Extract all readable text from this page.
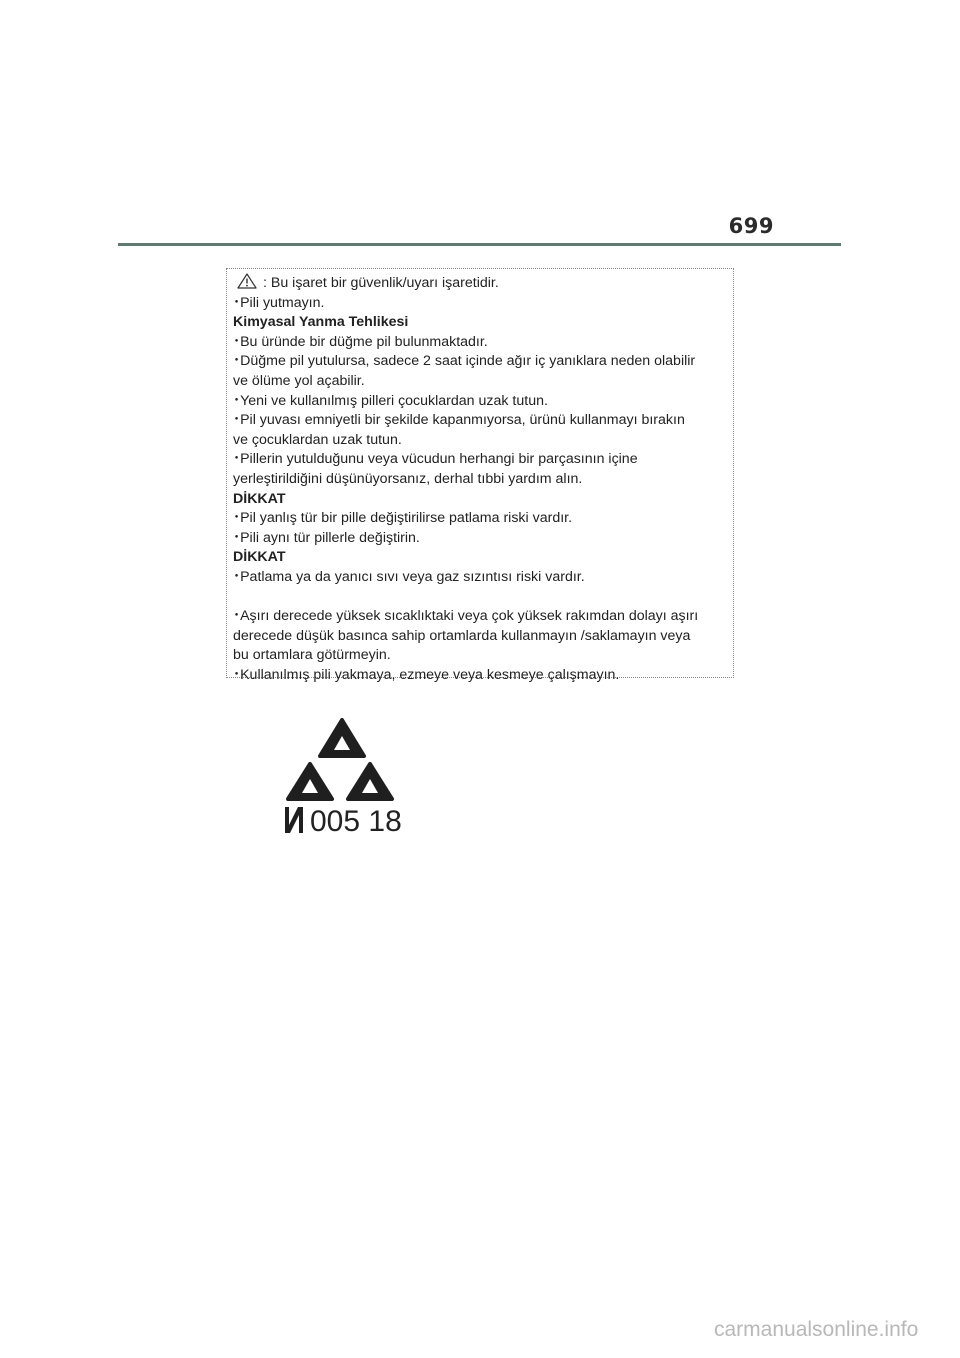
699
: Bu işaret bir güvenlik/uyarı işaretidir.
･Pili yutmayın.
Kimyasal Yanma Tehlikesi
･Bu üründe bir düğme pil bulunmaktadır.
･Düğme pil yutulursa, sadece 2 saat içinde ağır iç yanıklara neden olabilir
ve ölüme yol açabilir.
･Yeni ve kullanılmış pilleri çocuklardan uzak tutun.
･Pil yuvası emniyetli bir şekilde kapanmıyorsa, ürünü kullanmayı bırakın
ve çocuklardan uzak tutun.
･Pillerin yutulduğunu veya vücudun herhangi bir parçasının içine
yerleştirildiğini düşünüyorsanız, derhal tıbbi yardım alın.
DİKKAT
･Pil yanlış tür bir pille değiştirilirse patlama riski vardır.
･Pili aynı tür pillerle değiştirin.
DİKKAT
･Patlama ya da yanıcı sıvı veya gaz sızıntısı riski vardır.
･Aşırı derecede yüksek sıcaklıktaki veya çok yüksek rakımdan dolayı aşırı
derecede düşük basınca sahip ortamlarda kullanmayın /saklamayın veya
bu ortamlara götürmeyin.
･Kullanılmış pili yakmaya, ezmeye veya kesmeye çalışmayın.
005 18
carmanualsonline.info
